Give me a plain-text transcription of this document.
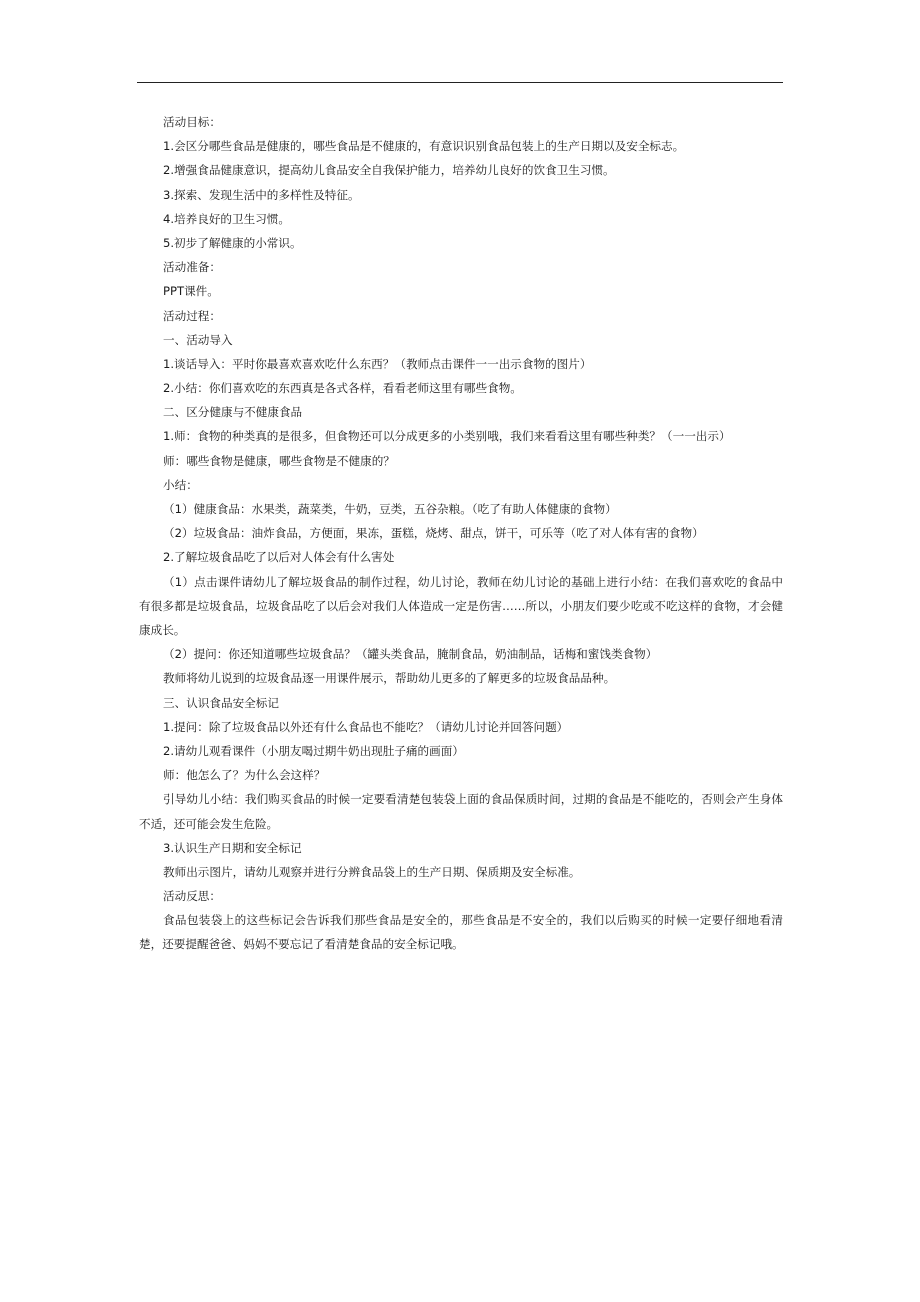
活动目标：
1.会区分哪些食品是健康的，哪些食品是不健康的，有意识识别食品包装上的生产日期以及安全标志。
2.增强食品健康意识，提高幼儿食品安全自我保护能力，培养幼儿良好的饮食卫生习惯。
3.探索、发现生活中的多样性及特征。
4.培养良好的卫生习惯。
5.初步了解健康的小常识。
活动准备：
PPT课件。
活动过程：
一、活动导入
1.谈话导入：平时你最喜欢喜欢吃什么东西？（教师点击课件一一出示食物的图片）
2.小结：你们喜欢吃的东西真是各式各样，看看老师这里有哪些食物。
二、区分健康与不健康食品
1.师：食物的种类真的是很多，但食物还可以分成更多的小类别哦，我们来看看这里有哪些种类？（一一出示）
师：哪些食物是健康，哪些食物是不健康的？
小结：
（1）健康食品：水果类，蔬菜类，牛奶，豆类，五谷杂粮。（吃了有助人体健康的食物）
（2）垃圾食品：油炸食品，方便面，果冻，蛋糕，烧烤、甜点，饼干，可乐等（吃了对人体有害的食物）
2.了解垃圾食品吃了以后对人体会有什么害处
（1）点击课件请幼儿了解垃圾食品的制作过程，幼儿讨论，教师在幼儿讨论的基础上进行小结：在我们喜欢吃的食品中有很多都是垃圾食品，垃圾食品吃了以后会对我们人体造成一定是伤害……所以，小朋友们要少吃或不吃这样的食物，才会健康成长。
（2）提问：你还知道哪些垃圾食品？（罐头类食品，腌制食品，奶油制品，话梅和蜜饯类食物）
教师将幼儿说到的垃圾食品逐一用课件展示，帮助幼儿更多的了解更多的垃圾食品品种。
三、认识食品安全标记
1.提问：除了垃圾食品以外还有什么食品也不能吃？（请幼儿讨论并回答问题）
2.请幼儿观看课件（小朋友喝过期牛奶出现肚子痛的画面）
师：他怎么了？为什么会这样？
引导幼儿小结：我们购买食品的时候一定要看清楚包装袋上面的食品保质时间，过期的食品是不能吃的，否则会产生身体不适，还可能会发生危险。
3.认识生产日期和安全标记
教师出示图片，请幼儿观察并进行分辨食品袋上的生产日期、保质期及安全标准。
活动反思：
食品包装袋上的这些标记会告诉我们那些食品是安全的，那些食品是不安全的，我们以后购买的时候一定要仔细地看清楚，还要提醒爸爸、妈妈不要忘记了看清楚食品的安全标记哦。
